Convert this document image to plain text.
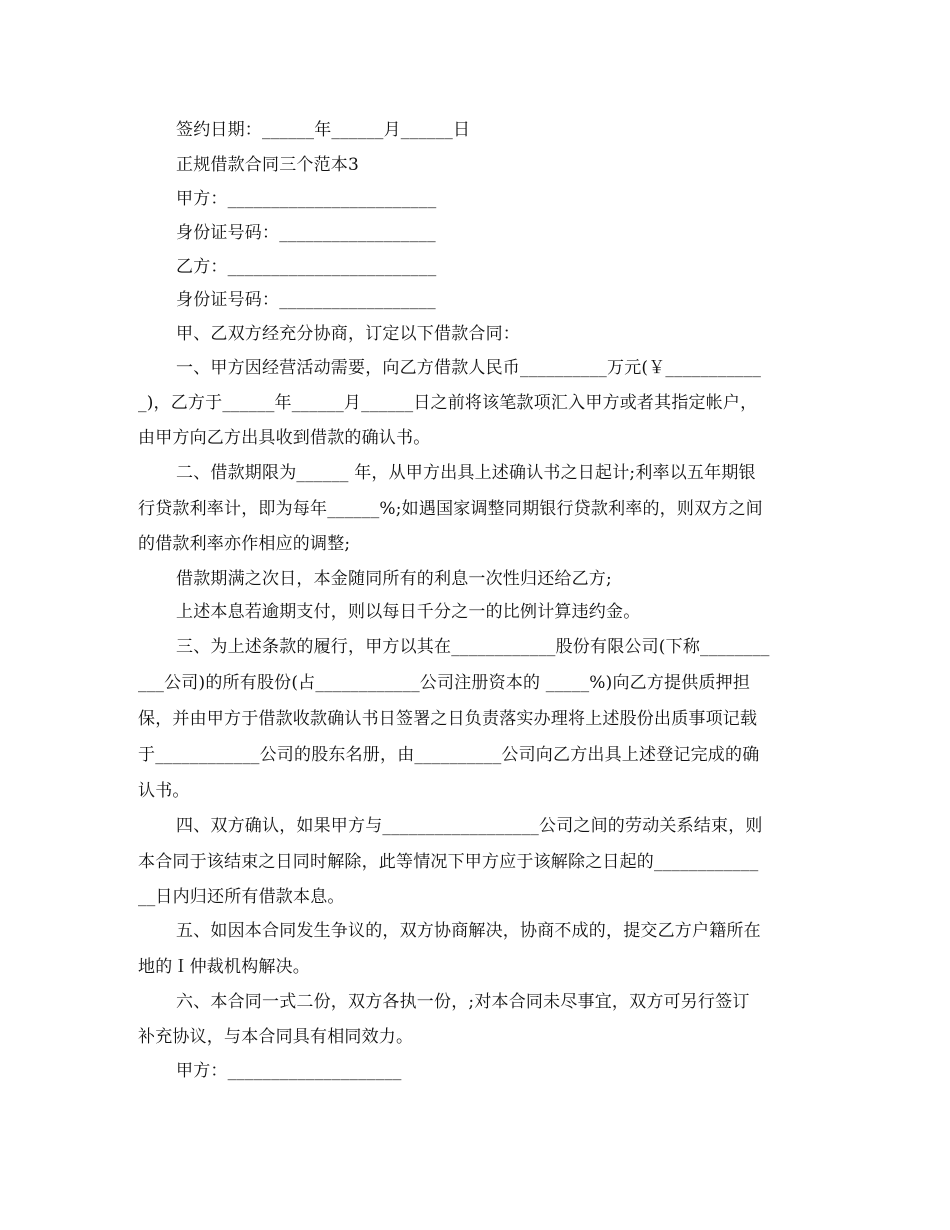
签约日期：______年______月______日
正规借款合同三个范本3
甲方：________________________
身份证号码：__________________
乙方：________________________
身份证号码：__________________
甲、乙双方经充分协商，订定以下借款合同：
一、甲方因经营活动需要，向乙方借款人民币__________万元(￥___________
_)，乙方于______年______月______日之前将该笔款项汇入甲方或者其指定帐户，
由甲方向乙方出具收到借款的确认书。
二、借款期限为______ 年，从甲方出具上述确认书之日起计;利率以五年期银
行贷款利率计，即为每年______%;如遇国家调整同期银行贷款利率的，则双方之间
的借款利率亦作相应的调整;
借款期满之次日，本金随同所有的利息一次性归还给乙方;
上述本息若逾期支付，则以每日千分之一的比例计算违约金。
三、为上述条款的履行，甲方以其在____________股份有限公司(下称________
___公司)的所有股份(占____________公司注册资本的 _____%)向乙方提供质押担
保，并由甲方于借款收款确认书日签署之日负责落实办理将上述股份出质事项记载
于____________公司的股东名册，由__________公司向乙方出具上述登记完成的确
认书。
四、双方确认，如果甲方与__________________公司之间的劳动关系结束，则
本合同于该结束之日同时解除，此等情况下甲方应于该解除之日起的____________
__日内归还所有借款本息。
五、如因本合同发生争议的，双方协商解决，协商不成的，提交乙方户籍所在
地的Ｉ仲裁机构解决。
六、本合同一式二份，双方各执一份，;对本合同未尽事宜，双方可另行签订
补充协议，与本合同具有相同效力。
甲方：____________________
